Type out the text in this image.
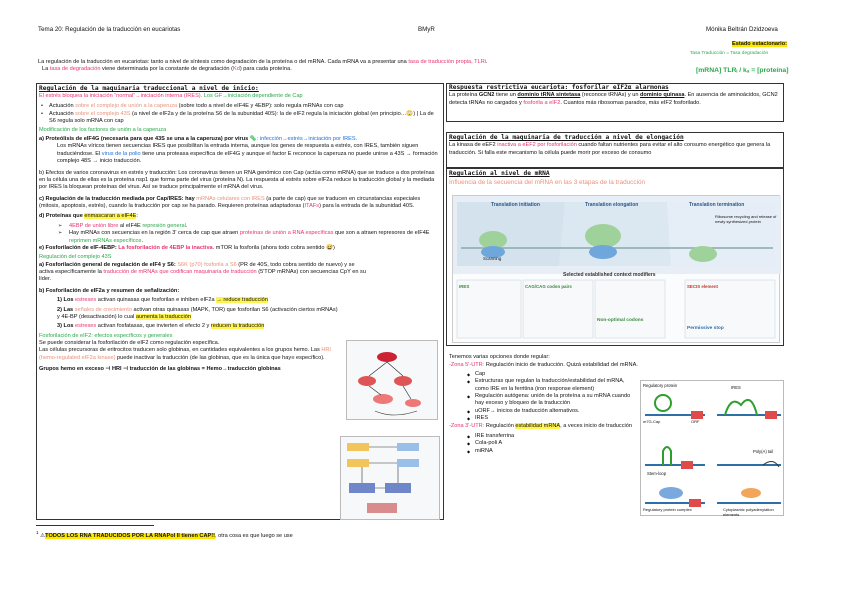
Tema 20: Regulación de la traducción en eucariotas	BMyR	Mónika Beltrán Dzidzoeva
Estado estacionario:
Tasa Traducción = Tasa degradación
[mRNA] TLRᵢ / kₐ = [proteína]
La regulación de la traducción en eucariotas: tanto a nivel de síntesis como degradación de la proteína o del mRNA. Cada mRNA va a presentar una tasa de traducción propia, TLRi.
La tasa de degradación viene determinada por la constante de degradación (Kd) para cada proteína.
Regulación de la maquinaria traduccional a nivel de inicio:

El estrés bloquea la iniciación “normal”→iniciación interna (IRES). Los GF→iniciación dependiente de Cap

• Actuación sobre el complejo de unión a la caperuza (sobre todo a nivel de eIF4E y 4EBP): solo regula mRNAs con cap
• Actuación sobre el complejo 43S (a nivel de eIF2a y de la proteína S6 de la subunidad 40S): la de eIF2 regula la iniciación global (en principio…🙄) | La de S6 regula solo mRNA con cap
Modificación de los factores de unión a la caperuza

a) Proteólisis de eIF4G (necesaria para que 43S se una a la caperuza) por virus 🦠: infección→estrés→iniciación por IRES.

Los mRNAs víricos tienen secuencias IRES que posibilitan la entrada interna, aunque los genes de respuesta a estrés, con IRES, también siguen traduciéndose. El virus de la polio tiene una proteasa específica de eIF4G y aunque el factor E reconoce la caperuza no puede unirse a 43S → formación complejo 48S → inicio traducción.

b) Efectos de varios coronavirus en estrés y traducción: Los coronavirus tienen un RNA genómico con Cap (actúa como mRNA) que se traduce a dos proteínas en la célula una de ellas es la proteína nsp1 que forma parte del virus (proteína N). La respuesta al estrés sobre eIF2a reduce la traducción global y la mediada por IRES la bloquean proteínas del virus. Así se traduce principalmente el mRNA del virus.

c) Regulación de la traducción mediada por Cap/IRES: hay mRNAs celulares con IRES (a parte de cap) que se traducen en circunstancias especiales (mitosis, apoptosis, estrés), cuando la traducción por cap se ha parado. Requieren proteínas adaptadoras (ITAFs) para la entrada de la subunidad 40S.

d) Proteínas que enmascaran a eIF4E:

➢ 4EBP de unión libre al eIF4E represión general.
➢ Hay mRNAs con secuencias en la región 3' cerca de cap que atraen proteínas de unión a RNA específicas que son a atraen represores de eIF4E reprimen mRNAs específicos.

e) Fosforilación de eIF-4EBP: La fosforilación de 4EBP la inactiva. mTOR la fosforila (ahora todo cobra sentido 😅)

Regulación del complejo 43S

a) Fosforilación general de regulación de eIF4 y S6: S6K (p70) fosforila a S6 (PR de 40S, todo cobra sentido de nuevo) y se activa específicamente la traducción de mRNAs que codifican maquinaria de traducción (5'TOP mRNAs) con secuencias CpY en su líder.

b) Fosforilación de eIF2a y resumen de señalización:

1) Los estreses activan quinasas que fosforilan e inhiben eIF2a → reduce traducción

2) Las señales de crecimiento activan otras quinasas (MAPK, TOR) que fosforilan S6 (activación ciertos mRNAs) y 4E-BP (desactivación) lo cual aumenta la traducción

3) Los estreses activan fosfatasas, que invierten el efecto 2 y reducen la traducción

Fosforilación de eIF2: efectos específicos y generales

Se puede considerar la fosforilación de eIF2 como regulación específica.

Las células precursoras de eritrocitos traducen solo globinas, en cantidades equivalentes a los grupos hemo. Las HRI (hemo-regulated eIF2a kinase) puede inactivar la traducción (de las globinas, que es la única que hay≡ específico).

Grupos hemo en exceso ⊣ HRI ⊣ traducción de las globinas = Hemo→traducción globinas

$^1$ ⚠TODOS LOS RNA TRADUCIDOS POR LA RNAPol II tienen CAP!!, otra cosa es que luego se use
Respuesta restrictiva eucariota: fosforilar eIF2α alarmonas

La proteína GCN2 tiene un dominio tRNA sintetasa (reconoce tRNAs) y un dominio quinasa. En ausencia de aminoácidos, GCN2 detecta tRNAs no cargados y fosforila a eIF2. Cuantos más ribosomas parados, más eIF2 fosforilado.

Regulación de la maquinaria de traducción a nivel de elongación

La kinasa de eEF2 inactiva a eEF2 por fosforilación cuando faltan nutrientes para evitar el alto consumo energético que genera la traducción. Si falla este mecanismo la célula puede morir por exceso de consumo

Regulación al nivel de mRNA
Influencia de la secuencia del mRNA en las 3 etapas de la traducción
Translation initiation	Translation elongation	Translation termination
Scanning
Ribosome recycling and release of newly synthesized protein
Selected established context modifiers
IRES	CAG/CAG codon pairs	SECIS element
Non-optimal codons
Permissive stop

Tenemos varias opciones donde regular:

-Zona 5'-UTR: Regulación inicio de traducción. Quizá estabilidad del mRNA.

◆ Cap
◆ Estructuras que regulan la traducción/estabilidad del mRNA, como IRE en la ferritina (iron response element)
◆ Regulación autógena: unión de la proteína a su mRNA cuando hay exceso y bloqueo de la traducción
◆ uORF→ inicios de traducción alternativos.
◆ IRES

-Zona 3'-UTR: Regulación estabilidad mRNA, a veces inicio de traducción

◆ IRE transferrina
◆ Cola-poli A
◆ miRNA
Regulatory protein	IRES
Stem-loop
Poly(A) tail
Regulatory protein complex	Cytoplasmic polyadenylation elements
m7G-Cap	ORF
